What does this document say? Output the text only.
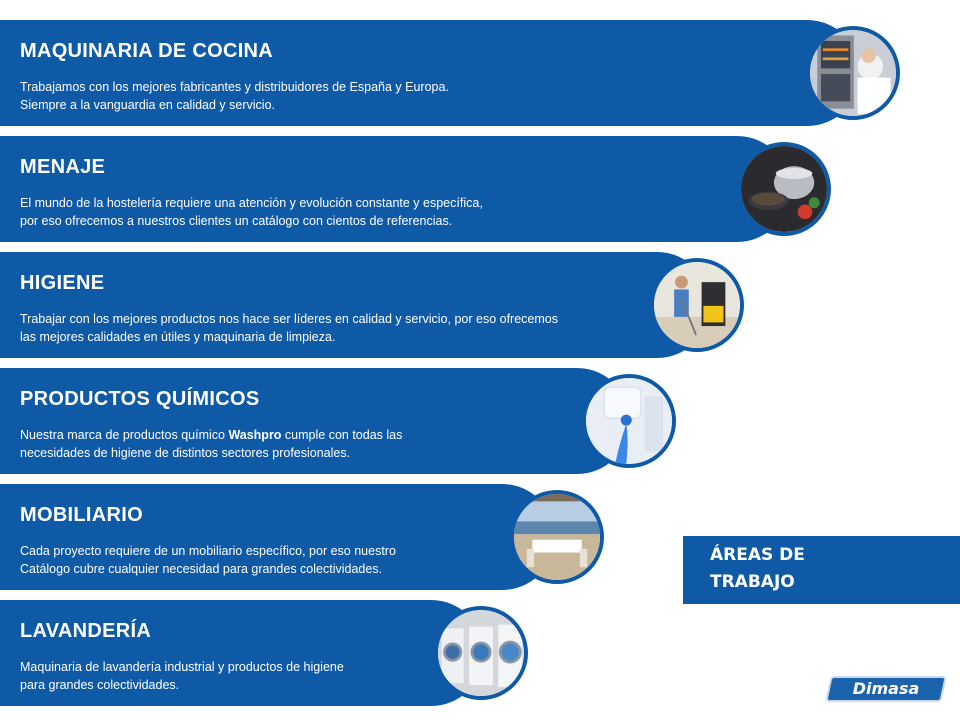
MAQUINARIA DE COCINA
Trabajamos con los mejores fabricantes y distribuidores de España y Europa.
Siempre a la vanguardia en calidad y servicio.
MENAJE
El mundo de la hostelería requiere una atención y evolución constante y específica,
por eso ofrecemos a nuestros clientes un catálogo con cientos de referencias.
HIGIENE
Trabajar con los mejores productos nos hace ser líderes en calidad y servicio, por eso ofrecemos
las mejores calidades en útiles y maquinaria de limpieza.
PRODUCTOS QUÍMICOS
Nuestra marca de productos químico Washpro cumple con todas las
necesidades de higiene de distintos sectores profesionales.
MOBILIARIO
Cada proyecto requiere de un mobiliario específico, por eso nuestro
Catálogo cubre cualquier necesidad para grandes colectividades.
LAVANDERÍA
Maquinaria de lavandería industrial y productos de higiene
para grandes colectividades.
ÁREAS DE
TRABAJO
Dimasa
